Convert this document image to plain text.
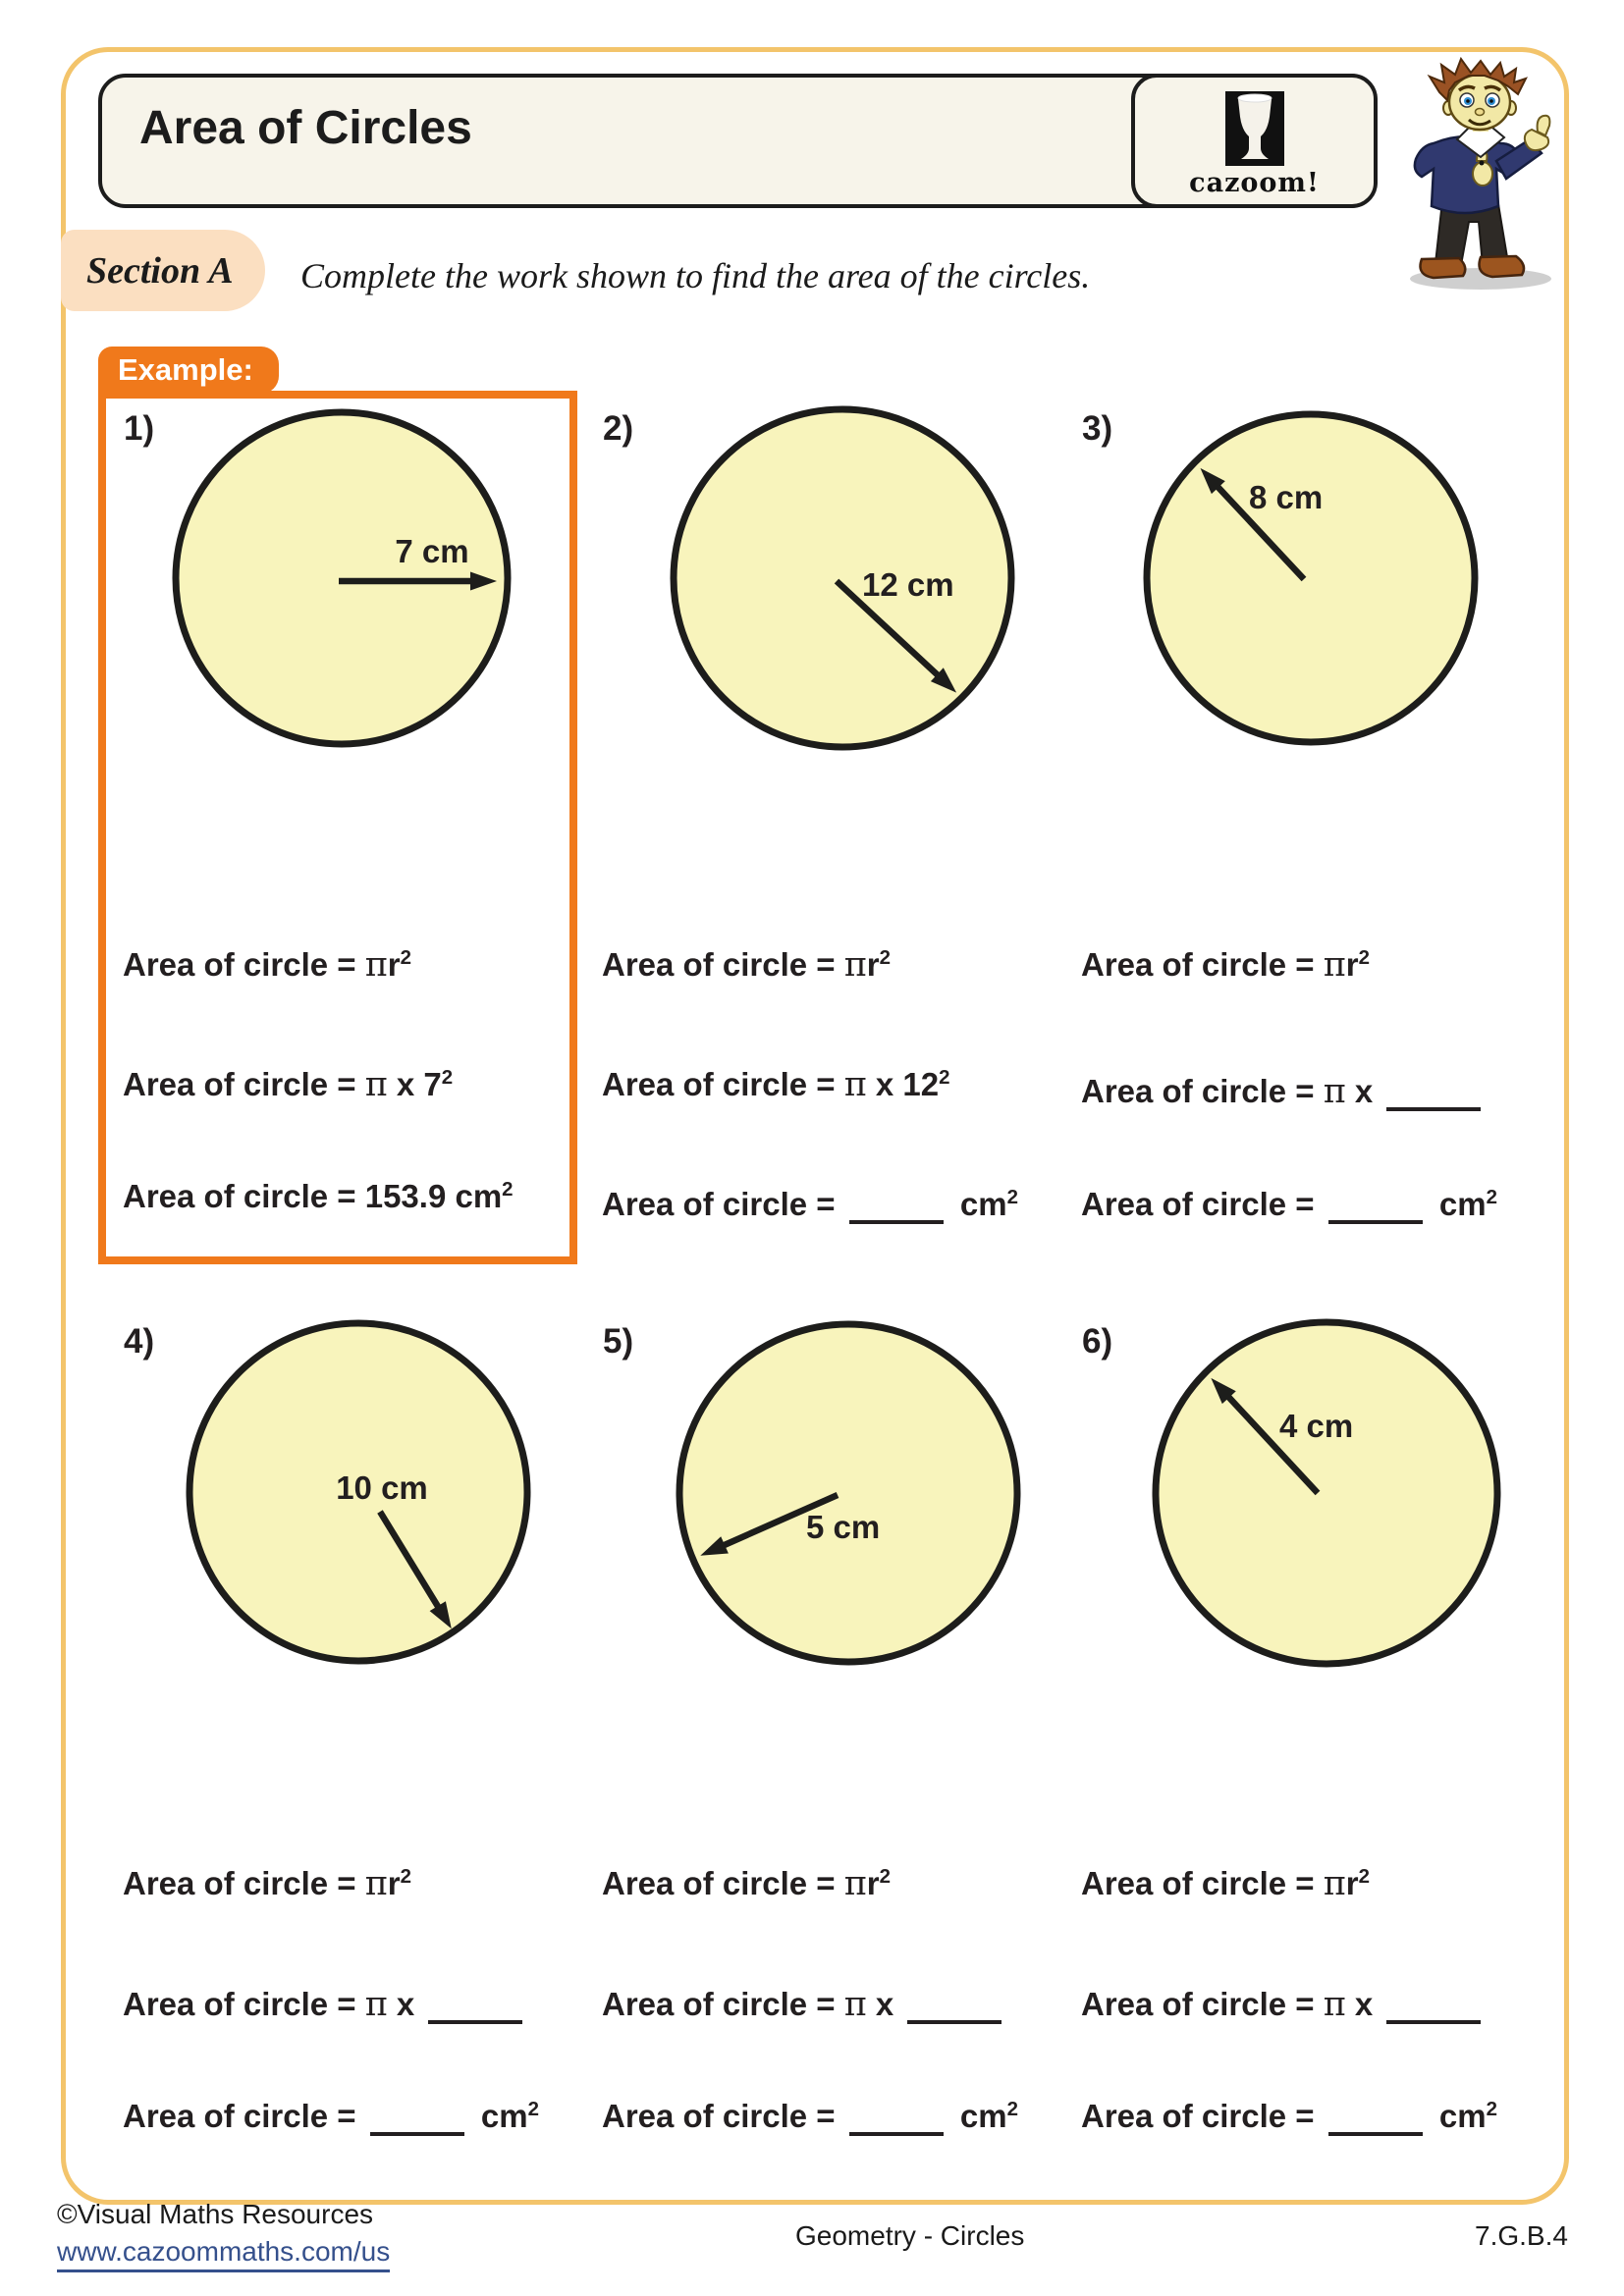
Area of Circles
cazoom!
Section A Complete the work shown to find the area of the circles.
Example:
1)
7 cm
2)
12 cm
3)
8 cm
4)
10 cm
5)
5 cm
6)
4 cm
Area of circle = $\pi r^2$
Area of circle = π x $7^2$
Area of circle = 153.9 $cm^2$
Area of circle = $\pi r^2$
Area of circle = π x $12^2$
Area of circle =	$cm^2$
Area of circle = $\pi r^2$
Area of circle = π x
Area of circle =	$cm^2$
Area of circle = $\pi r^2$
Area of circle = π x
Area of circle =	$cm^2$
Area of circle = $\pi r^2$
Area of circle = π x
Area of circle =	$cm^2$
Area of circle = $\pi r^2$
Area of circle = π x
Area of circle =	$cm^2$
©Visual Maths Resources
www.cazoommaths.com/us
Geometry - Circles	7.G.B.4
